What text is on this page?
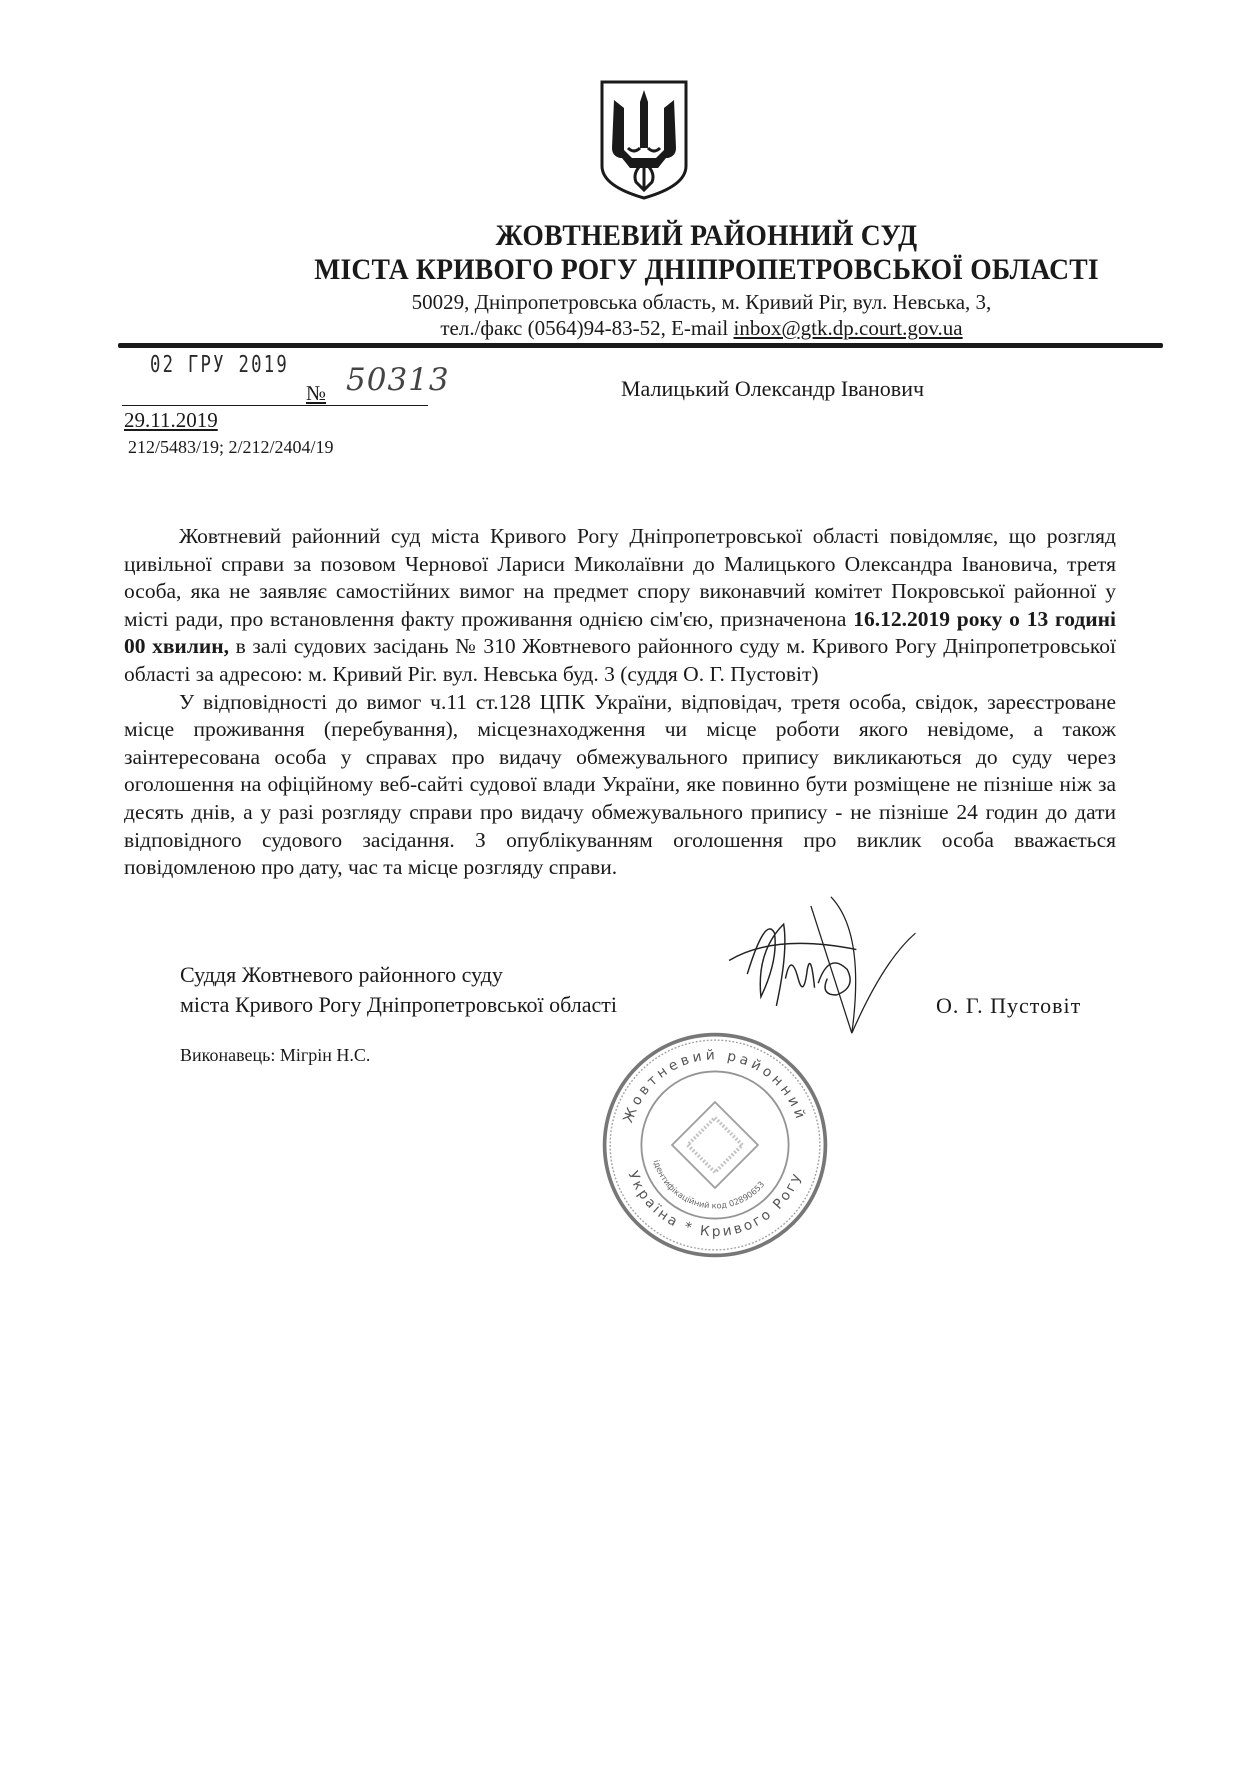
ЖОВТНЕВИЙ РАЙОННИЙ СУД
МІСТА КРИВОГО РОГУ ДНІПРОПЕТРОВСЬКОЇ ОБЛАСТІ
50029, Дніпропетровська область, м. Кривий Ріг, вул. Невська, 3,
тел./факс (0564)94-83-52, E-mail inbox@gtk.dp.court.gov.ua
02 ГРУ 2019
№ 50313
29.11.2019
212/5483/19; 2/212/2404/19
Малицький Олександр Іванович

Жовтневий районний суд міста Кривого Рогу Дніпропетровської області повідомляє, що розгляд цивільної справи за позовом Чернової Лариси Миколаївни до Малицького Олександра Івановича, третя особа, яка не заявляє самостійних вимог на предмет спору виконавчий комітет Покровської районної у місті ради, про встановлення факту проживання однією сім'єю, призначенона 16.12.2019 року о 13 годині 00 хвилин, в залі судових засідань № 310 Жовтневого районного суду м. Кривого Рогу Дніпропетровської області за адресою: м. Кривий Ріг. вул. Невська буд. 3 (суддя О. Г. Пустовіт)

У відповідності до вимог ч.11 ст.128 ЦПК України, відповідач, третя особа, свідок, зареєстроване місце проживання (перебування), місцезнаходження чи місце роботи якого невідоме, а також заінтересована особа у справах про видачу обмежувального припису викликаються до суду через оголошення на офіційному веб-сайті судової влади України, яке повинно бути розміщене не пізніше ніж за десять днів, а у разі розгляду справи про видачу обмежувального припису - не пізніше 24 годин до дати відповідного судового засідання. З опублікуванням оголошення про виклик особа вважається повідомленою про дату, час та місце розгляду справи.

Суддя Жовтневого районного суду
міста Кривого Рогу Дніпропетровської області	О. Г. Пустовіт
Виконавець: Мігрін Н.С.
Жовтневий районний
Україна * Кривого Рогу
ідентифікаційний код 02890653
